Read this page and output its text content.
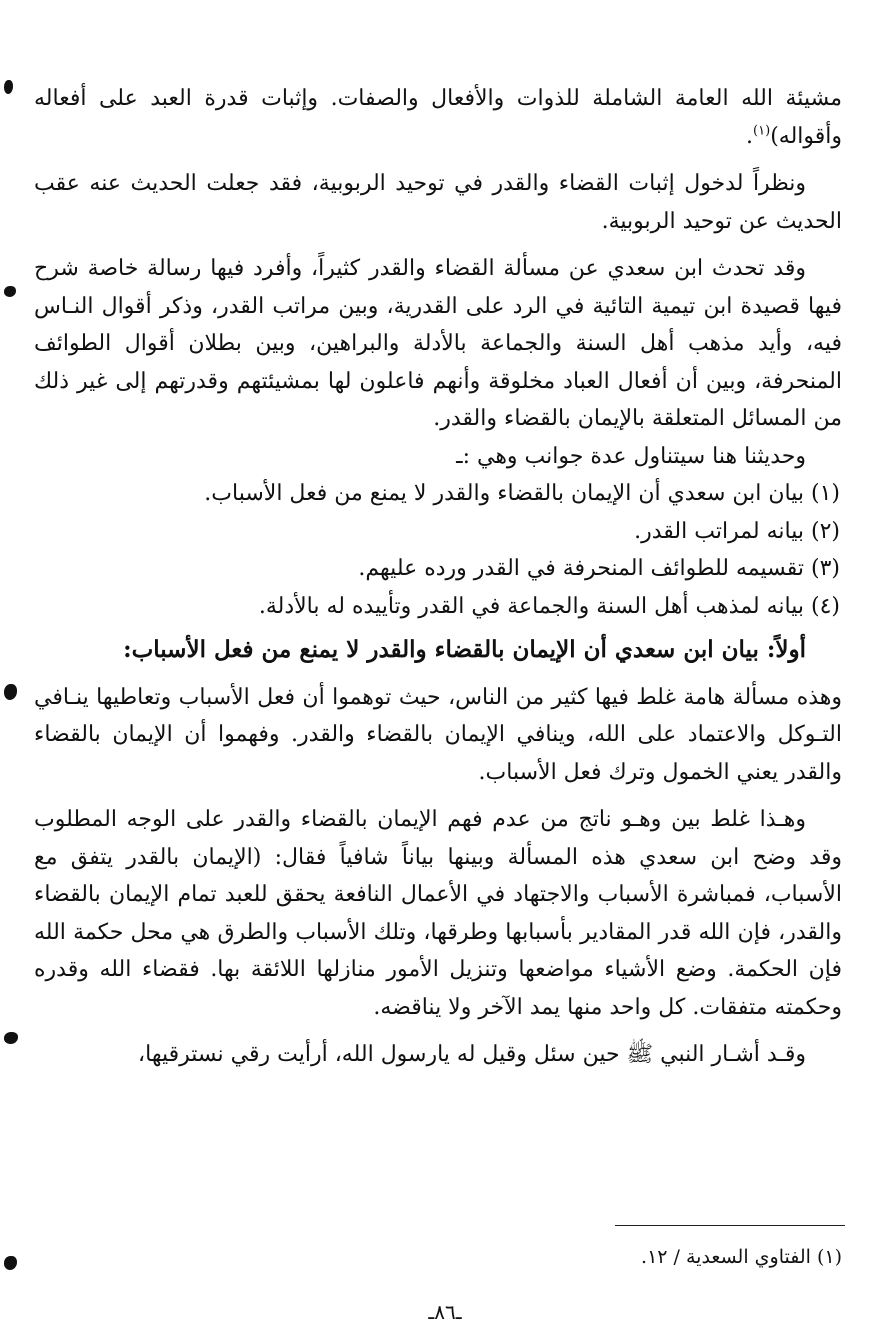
مشيئة الله العامة الشاملة للذوات والأفعال والصفات. وإثبات قدرة العبد على أفعاله وأقواله)$^{(١)}$.

ونظراً لدخول إثبات القضاء والقدر في توحيد الربوبية، فقد جعلت الحديث عنه عقب الحديث عن توحيد الربوبية.

وقد تحدث ابن سعدي عن مسألة القضاء والقدر كثيراً، وأفرد فيها رسالة خاصة شرح فيها قصيدة ابن تيمية التائية في الرد على القدرية، وبين مراتب القدر، وذكر أقوال النـاس فيه، وأيد مذهب أهل السنة والجماعة بالأدلة والبراهين، وبين بطلان أقوال الطوائف المنحرفة، وبين أن أفعال العباد مخلوقة وأنهم فاعلون لها بمشيئتهم وقدرتهم إلى غير ذلك من المسائل المتعلقة بالإيمان بالقضاء والقدر.

وحديثنا هنا سيتناول عدة جوانب وهي :ـ

(١) بيان ابن سعدي أن الإيمان بالقضاء والقدر لا يمنع من فعل الأسباب.

(٢) بيانه لمراتب القدر.

(٣) تقسيمه للطوائف المنحرفة في القدر ورده عليهم.

(٤) بيانه لمذهب أهل السنة والجماعة في القدر وتأييده له بالأدلة.

أولاً: بيان ابن سعدي أن الإيمان بالقضاء والقدر لا يمنع من فعل الأسباب:

وهذه مسألة هامة غلط فيها كثير من الناس، حيث توهموا أن فعل الأسباب وتعاطيها ينـافي التـوكل والاعتماد على الله، وينافي الإيمان بالقضاء والقدر. وفهموا أن الإيمان بالقضاء والقدر يعني الخمول وترك فعل الأسباب.

وهـذا غلط بين وهـو ناتج من عدم فهم الإيمان بالقضاء والقدر على الوجه المطلوب وقد وضح ابن سعدي هذه المسألة وبينها بياناً شافياً فقال: (الإيمان بالقدر يتفق مع الأسباب، فمباشرة الأسباب والاجتهاد في الأعمال النافعة يحقق للعبد تمام الإيمان بالقضاء والقدر، فإن الله قدر المقادير بأسبابها وطرقها، وتلك الأسباب والطرق هي محل حكمة الله فإن الحكمة. وضع الأشياء مواضعها وتنزيل الأمور منازلها اللائقة بها. فقضاء الله وقدره وحكمته متفقات. كل واحد منها يمد الآخر ولا يناقضه.

وقـد أشـار النبي ﷺ حين سئل وقيل له يارسول الله، أرأيت رقي نسترقيها،

(١) الفتاوي السعدية / ١٢.
ـ٨٦ـ
